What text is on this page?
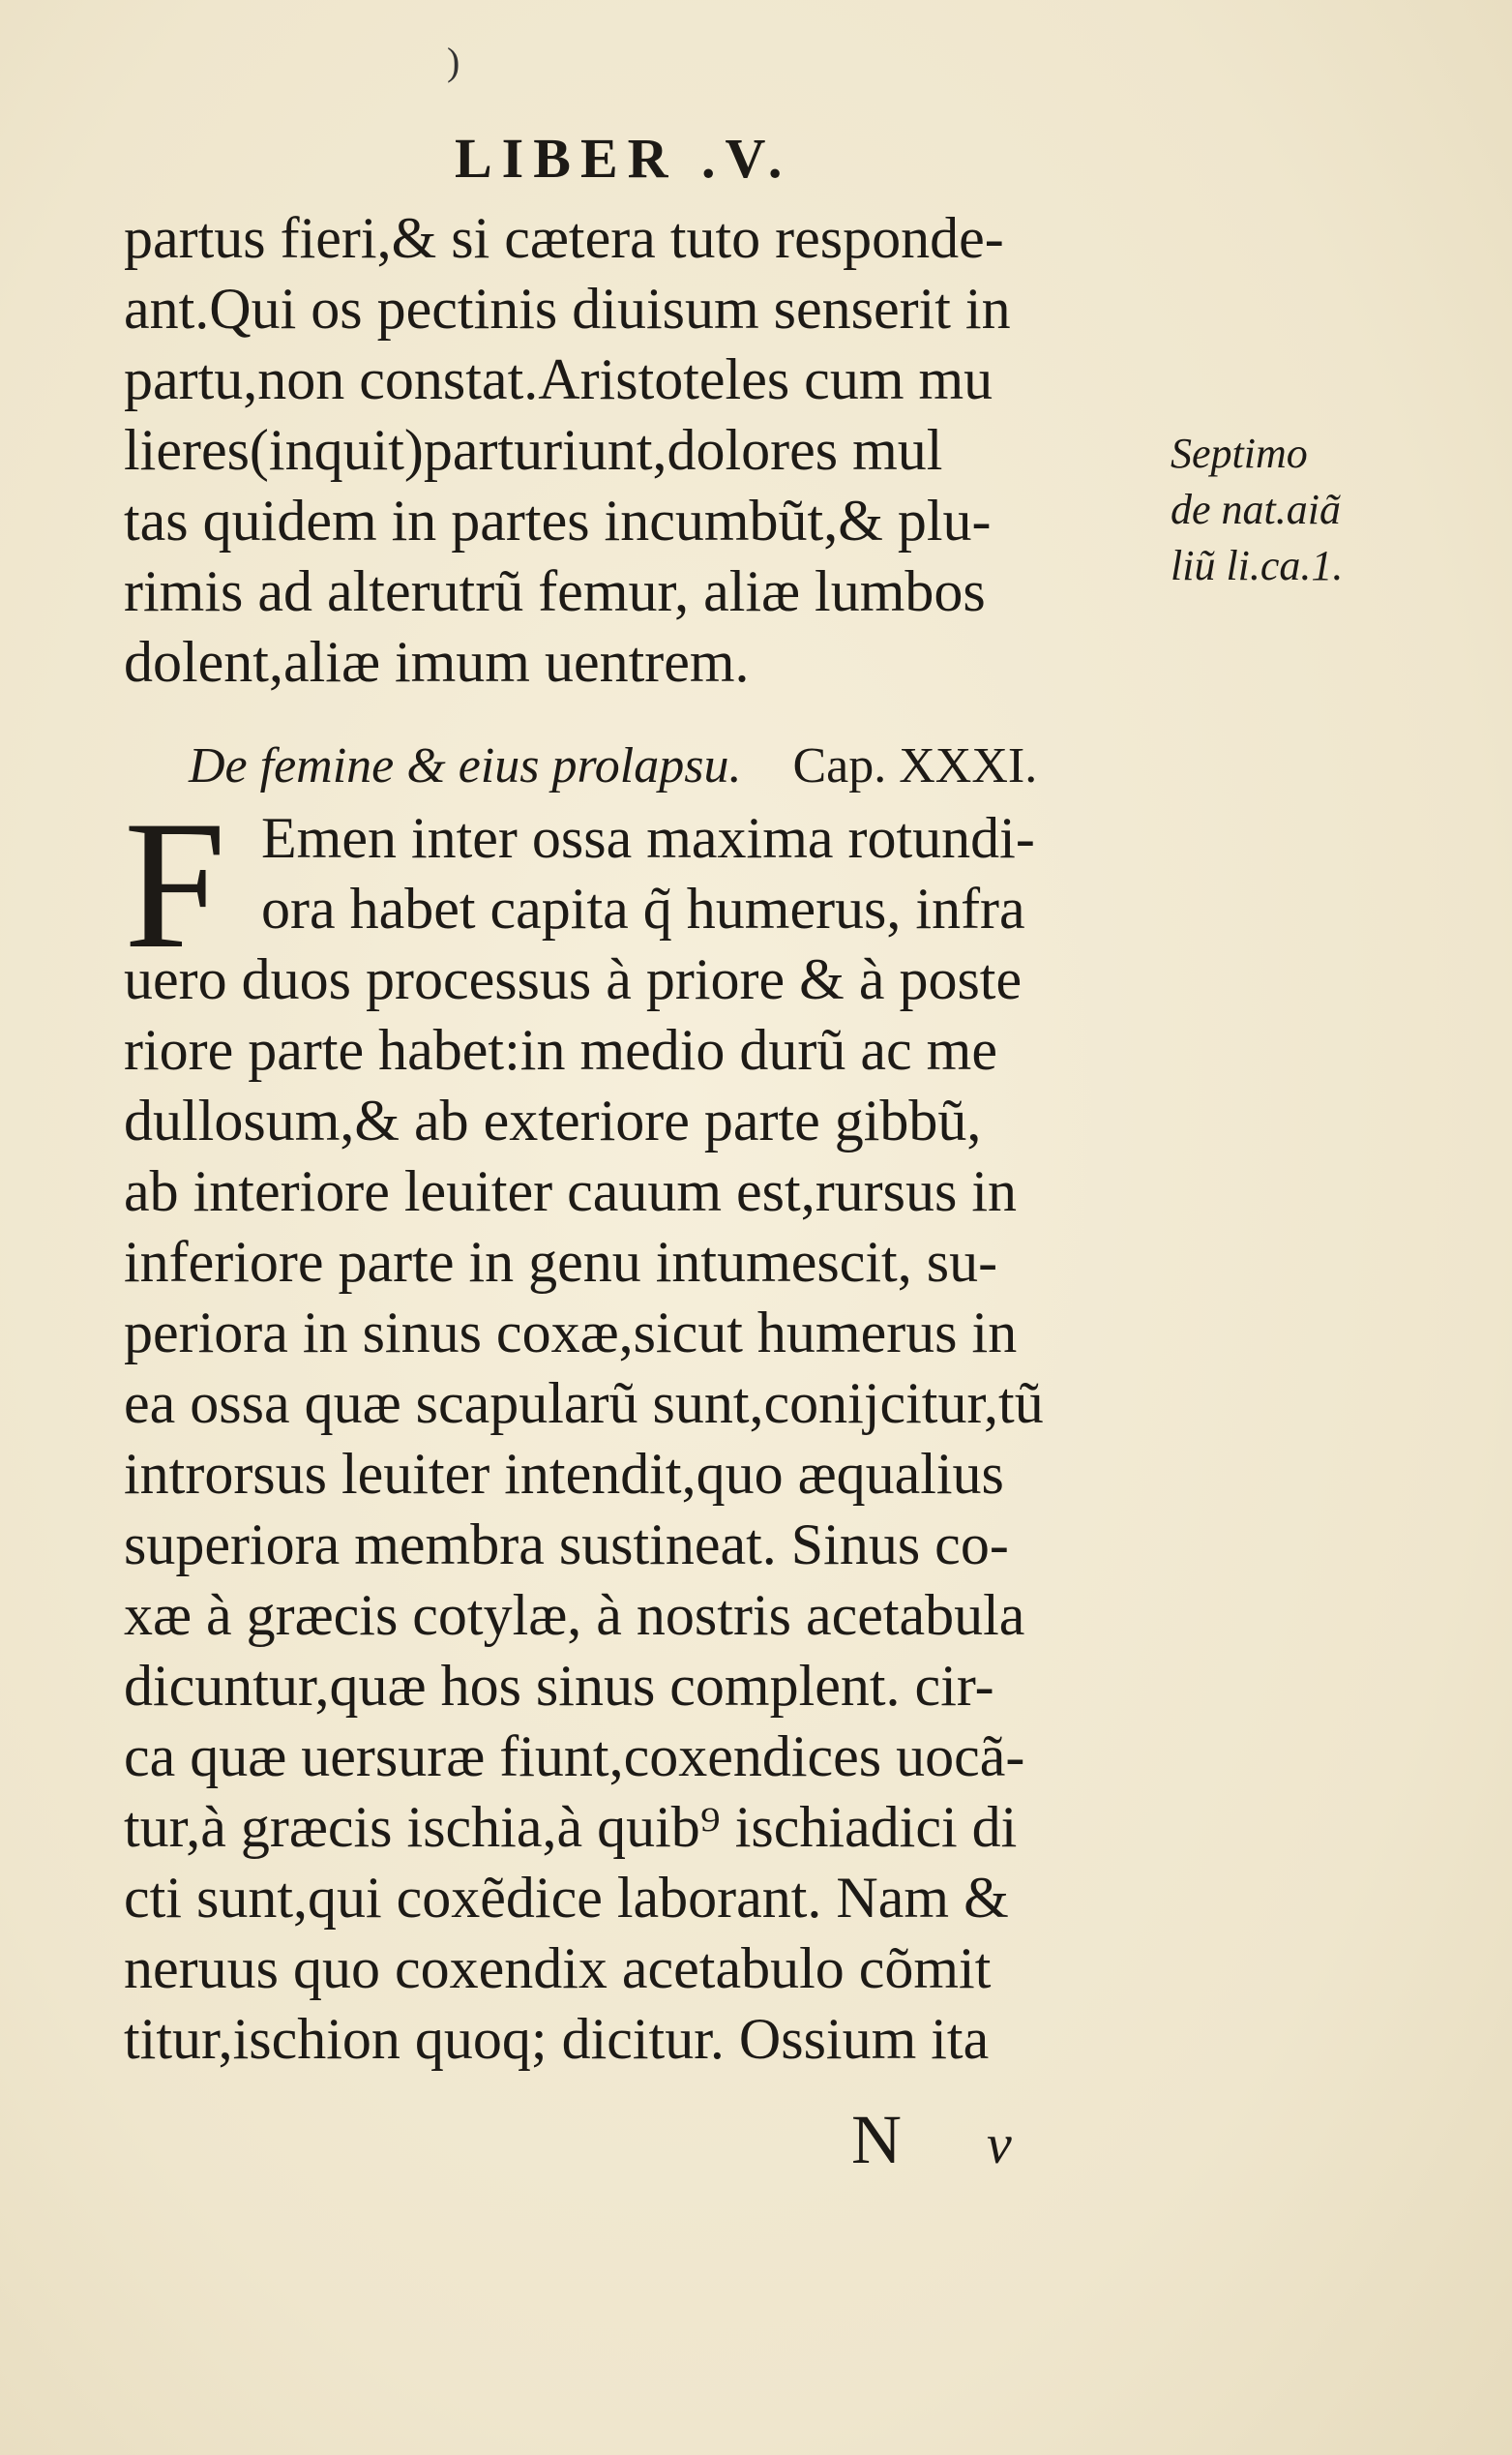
)
LIBER .V.
partus fieri,& si cætera tuto responde-
ant.Qui os pectinis diuisum senserit in
partu,non constat.Aristoteles cum mu
lieres(inquit)parturiunt,dolores mul
tas quidem in partes incumbũt,& plu-
rimis ad alterutrũ femur, aliæ lumbos
dolent,aliæ imum uentrem.
Septimo
de nat.aiã
liũ li.ca.1.
De femine & eius prolapsu. Cap. XXXI.
F Emen inter ossa maxima rotundi-
ora habet capita q̃ humerus, infra
uero duos processus à priore & à poste
riore parte habet:in medio durũ ac me
dullosum,& ab exteriore parte gibbũ,
ab interiore leuiter cauum est,rursus in
inferiore parte in genu intumescit, su-
periora in sinus coxæ,sicut humerus in
ea ossa quæ scapularũ sunt,conijcitur,tũ
introrsus leuiter intendit,quo æqualius
superiora membra sustineat. Sinus co-
xæ à græcis cotylæ, à nostris acetabula
dicuntur,quæ hos sinus complent. cir-
ca quæ uersuræ fiunt,coxendices uocã-
tur,à græcis ischia,à quib⁹ ischiadici di
cti sunt,qui coxẽdice laborant. Nam &
neruus quo coxendix acetabulo cõmit
titur,ischion quoq; dicitur. Ossium ita
N v
